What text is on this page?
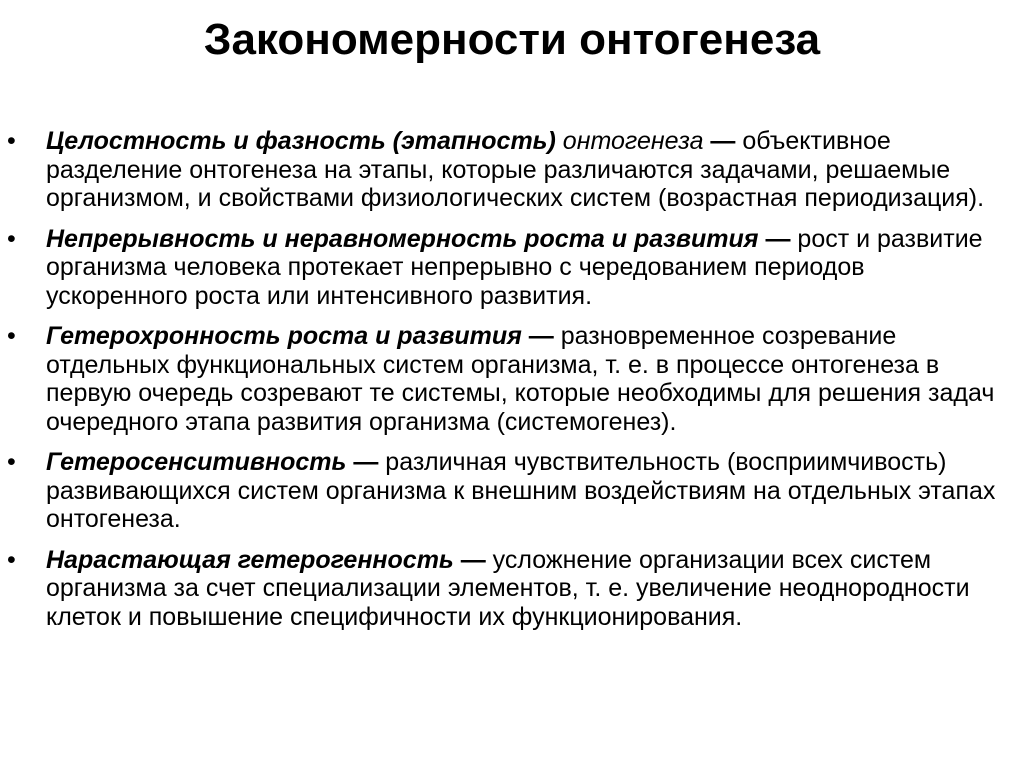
Закономерности онтогенеза
• Целостность и фазность (этапность) онтогенеза — объективное разделение онтогенеза на этапы, которые различаются задачами, решаемые организмом, и свойствами физиологических систем (возрастная периодизация).
• Непрерывность и неравномерность роста и развития — рост и развитие организма человека протекает непрерывно с чередованием периодов ускоренного роста или интенсивного развития.
• Гетерохронность роста и развития — разновременное созревание отдельных функциональных систем организма, т. е. в процессе онтогенеза в первую очередь созревают те системы, которые необходимы для решения задач очередного этапа развития организма (системогенез).
• Гетеросенситивность — различная чувствительность (восприимчивость) развивающихся систем организма к внешним воздействиям на отдельных этапах онтогенеза.
• Нарастающая гетерогенность — усложнение организации всех систем организма за счет специализации элементов, т. е. увеличение неоднородности клеток и повышение специфичности их функционирования.
